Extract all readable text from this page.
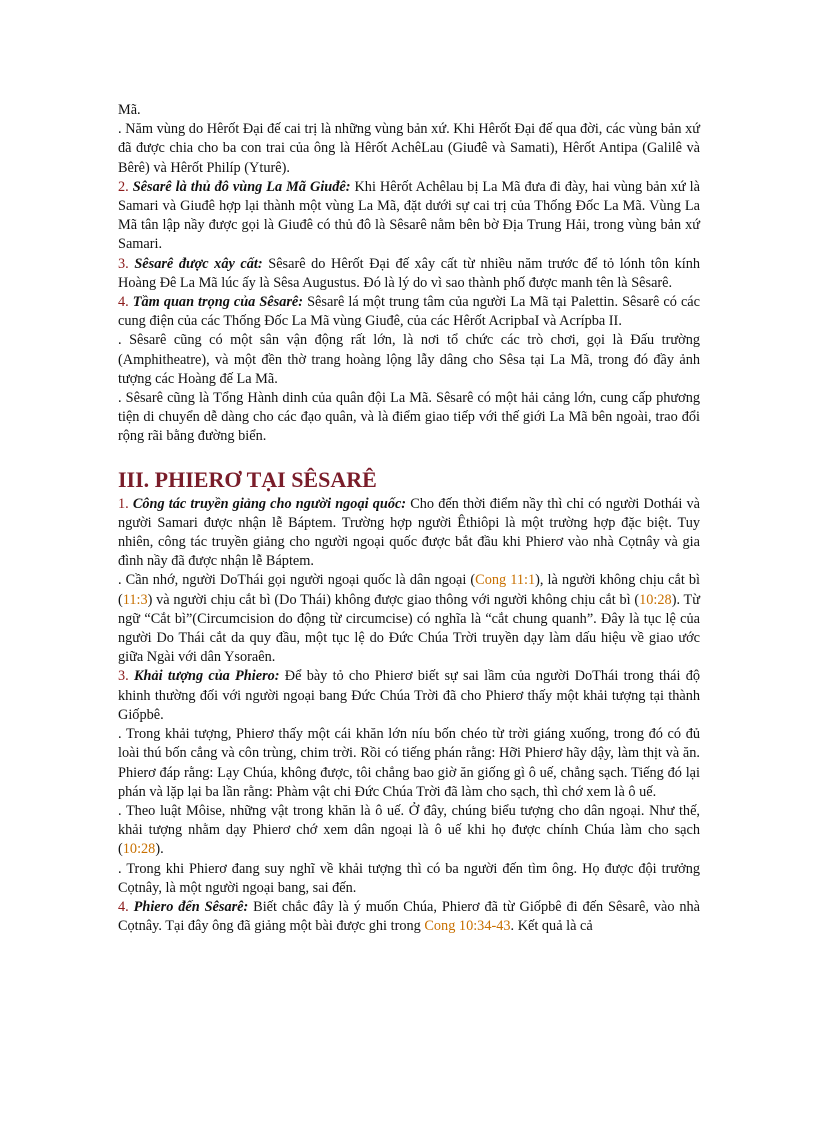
Mã.

. Năm vùng do Hêrốt Đại đế cai trị là những vùng bản xứ. Khi Hêrốt Đại đế qua đời, các vùng bản xứ đã được chia cho ba con trai của ông là Hêrốt AchêLau (Giuđê và Samati), Hêrốt Antipa (Galilê và Bêrê) và Hêrốt Philíp (Yturê).

2. Sêsarê là thủ đô vùng La Mã Giuđê: Khi Hêrốt Achêlau bị La Mã đưa đi đày, hai vùng bản xứ là Samari và Giuđê hợp lại thành một vùng La Mã, đặt dưới sự cai trị của Thống Đốc La Mã. Vùng La Mã tân lập nầy được gọi là Giuđê có thủ đô là Sêsarê nằm bên bờ Địa Trung Hải, trong vùng bản xứ Samari.

3. Sêsarê được xây cất: Sêsarê do Hêrốt Đại đế xây cất từ nhiều năm trước để tỏ lónh tôn kính Hoàng Đê La Mã lúc ấy là Sêsa Augustus. Đó là lý do vì sao thành phố được manh tên là Sêsarê.

4. Tầm quan trọng của Sêsarê: Sêsarê lá một trung tâm của người La Mã tại Palettin. Sêsarê có các cung điện của các Thống Đốc La Mã vùng Giuđê, của các Hêrốt AcripbaI và Acrípba II.

. Sêsarê cũng có một sân vận động rất lớn, là nơi tổ chức các trò chơi, gọi là Đấu trường (Amphitheatre), và một đền thờ trang hoàng lộng lẫy dâng cho Sêsa tại La Mã, trong đó đầy ảnh tượng các Hoàng đế La Mã.

. Sêsarê cũng là Tổng Hành dinh của quân đội La Mã. Sêsarê có một hải cảng lớn, cung cấp phương tiện di chuyển dễ dàng cho các đạo quân, và là điểm giao tiếp với thế giới La Mã bên ngoài, trao đổi rộng rãi bằng đường biển.

III. PHIERƠ TẠI SÊSARÊ

1. Công tác truyền giảng cho người ngoại quốc: Cho đến thời điểm nầy thì chỉ có người Dothái và người Samari được nhận lễ Báptem. Trường hợp người Êthiôpi là một trường hợp đặc biệt. Tuy nhiên, công tác truyền giảng cho người ngoại quốc được bắt đầu khi Phierơ vào nhà Cọtnây và gia đình nầy đã được nhận lễ Báptem.

. Cần nhớ, người DoThái gọi người ngoại quốc là dân ngoại (Cong 11:1), là người không chịu cắt bì (11:3) và người chịu cắt bì (Do Thái) không được giao thông với người không chịu cắt bì (10:28). Từ ngữ “Cắt bì”(Circumcision do động từ circumcise) có nghĩa là “cắt chung quanh”. Đây là tục lệ của người Do Thái cắt da quy đầu, một tục lệ do Đức Chúa Trời truyền dạy làm dấu hiệu về giao ước giữa Ngài với dân Ysoraên.

3. Khải tượng của Phiero: Để bày tỏ cho Phierơ biết sự sai lầm của người DoThái trong thái độ khinh thường đối với người ngoại bang Đức Chúa Trời đã cho Phierơ thấy một khải tượng tại thành Giốpbê.

. Trong khải tượng, Phierơ thấy một cái khăn lớn níu bốn chéo từ trời giáng xuống, trong đó có đủ loài thú bốn cẳng và côn trùng, chim trời. Rồi có tiếng phán rằng: Hỡi Phierơ hãy dậy, làm thịt và ăn. Phierơ đáp rằng: Lạy Chúa, không được, tôi chẳng bao giờ ăn giống gì ô uế, chẳng sạch. Tiếng đó lại phán và lặp lại ba lần rằng: Phàm vật chi Đức Chúa Trời đã làm cho sạch, thì chớ xem là ô uế.

. Theo luật Môise, những vật trong khăn là ô uế. Ở đây, chúng biểu tượng cho dân ngoại. Như thế, khải tượng nhằm dạy Phierơ chớ xem dân ngoại là ô uế khi họ được chính Chúa làm cho sạch (10:28).

. Trong khi Phierơ đang suy nghĩ về khải tượng thì có ba người đến tìm ông. Họ được đội trưởng Cọtnây, là một người ngoại bang, sai đến.

4. Phiero đến Sêsarê: Biết chắc đây là ý muốn Chúa, Phierơ đã từ Giốpbê đi đến Sêsarê, vào nhà Cọtnây. Tại đây ông đã giảng một bài được ghi trong Cong 10:34-43. Kết quả là cả
